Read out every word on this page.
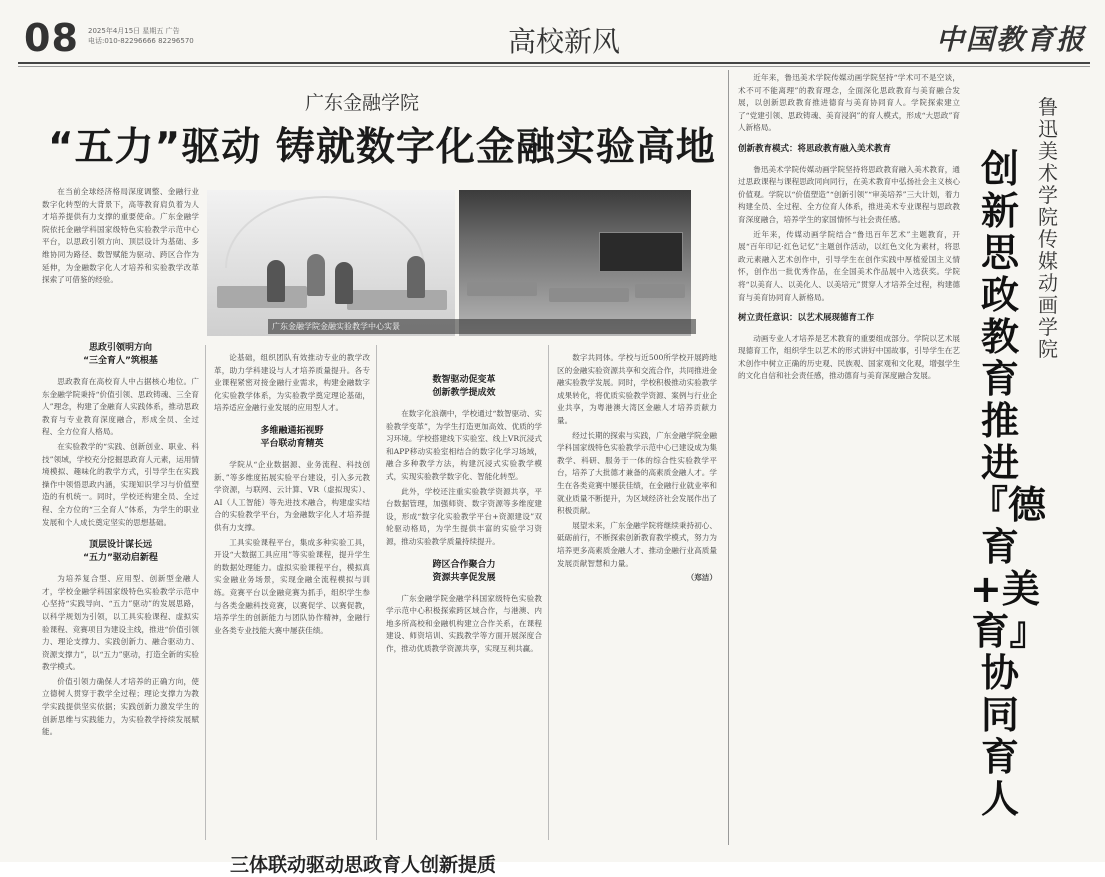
08 2025年4月15日 星期五 广告
电话:010-82296666 82296570	高校新风	中国教育报
广东金融学院
“五力”驱动 铸就数字化金融实验高地
广东金融学院金融实验教学中心实景

在当前全球经济格局深度调整、金融行业数字化转型的大背景下，高等教育肩负着为人才培养提供有力支撑的重要使命。广东金融学院依托金融学科国家级特色实验教学示范中心平台，以思政引领方向、顶层设计为基础、多维协同为路径、数智赋能为驱动、跨区合作为延伸，为金融数字化人才培养和实验教学改革探索了可借鉴的经验。

思政引领明方向
“三全育人”筑根基

思政教育在高校育人中占据核心地位。广东金融学院秉持“价值引领、思政铸魂、三全育人”理念，构建了金融育人实践体系，推动思政教育与专业教育深度融合，形成全员、全过程、全方位育人格局。

在实验教学的“实践、创新创业、职业、科技”领域，学校充分挖掘思政育人元素，运用情境模拟、趣味化的教学方式，引导学生在实践操作中领悟思政内涵，实现知识学习与价值塑造的有机统一。同时，学校还构建全员、全过程、全方位的“三全育人”体系，为学生的职业发展和个人成长奠定坚实的思想基础。

顶层设计谋长远
“五力”驱动启新程

为培养复合型、应用型、创新型金融人才，学校金融学科国家级特色实验教学示范中心坚持“实践导向、“五力”驱动”的发展思路，以科学规划为引领，以工具实验课程、虚拟实验课程、竞赛项目为建设主线，推进“价值引领力、理论支撑力、实践创新力、融合驱动力、资源支撑力”，以“五力”驱动，打造全新的实验教学模式。

价值引领力确保人才培养的正确方向，使立德树人贯穿于教学全过程；理论支撑力为教学实践提供坚实依据；实践创新力激发学生的创新思维与实践能力，为实验教学持续发展赋能。

论基础，组织团队有效推动专业的教学改革，助力学科建设与人才培养质量提升。各专业课程紧密对接金融行业需求，构建金融数字化实验教学体系，为实验教学奠定理论基础，培养适应金融行业发展的应用型人才。

多维融通拓视野
平台联动育精英

学院从“企业数据源、业务流程、科技创新、”等多维度拓展实验平台建设，引入多元教学资源，与联网、云计算、VR（虚拟现实）、AI（人工智能）等先进技术融合，构建虚实结合的实验教学平台，为金融数字化人才培养提供有力支撑。

工具实验课程平台，集成多种实验工具，开设“大数据工具应用”等实验课程，提升学生的数据处理能力。虚拟实验课程平台，模拟真实金融业务场景，实现金融全流程模拟与训练。竞赛平台以金融竞赛为抓手，组织学生参与各类金融科技竞赛，以赛促学、以赛促教，培养学生的创新能力与团队协作精神，金融行业各类专业技能大赛中屡获佳绩。

数智驱动促变革
创新教学提成效

在数字化浪潮中，学校通过“数智驱动、实验教学变革”，为学生打造更加高效、优质的学习环境。学校搭建线下实验室、线上VR沉浸式和APP移动实验室相结合的数字化学习场域，融合多种教学方法，构建沉浸式实验教学模式，实现实验教学数字化、智能化转型。

此外，学校还注重实验教学资源共享，平台数据管理，加强师资、数字资源等多维度建设，形成“数字化实验教学平台+资源建设”双轮驱动格局，为学生提供丰富的实验学习资源，推动实验教学质量持续提升。

跨区合作聚合力
资源共享促发展

广东金融学院金融学科国家级特色实验教学示范中心积极探索跨区域合作，与港澳、内地多所高校和金融机构建立合作关系，在课程建设、师资培训、实践教学等方面开展深度合作，推动优质教学资源共享，实现互利共赢。

数字共同体。学校与近500所学校开展跨地区的金融实验资源共享和交流合作，共同推进金融实验教学发展。同时，学校积极推动实验教学成果转化，将优质实验教学资源、案例与行业企业共享，为粤港澳大湾区金融人才培养贡献力量。

经过长期的探索与实践，广东金融学院金融学科国家级特色实验教学示范中心已建设成为集教学、科研、服务于一体的综合性实验教学平台，培养了大批德才兼备的高素质金融人才。学生在各类竞赛中屡获佳绩，在金融行业就业率和就业质量不断提升，为区域经济社会发展作出了积极贡献。

展望未来，广东金融学院将继续秉持初心、砥砺前行，不断探索创新教育教学模式，努力为培养更多高素质金融人才、推动金融行业高质量发展贡献智慧和力量。

（郑洁）

近年来，鲁迅美术学院传媒动画学院坚持“学术可不是空谈，术不可不能离理”的教育理念，全面深化思政教育与美育融合发展，以创新思政教育推进德育与美育协同育人。学院探索建立了“党建引领、思政铸魂、美育浸润”的育人模式，形成“大思政”育人新格局。

创新教育模式：将思政教育融入美术教育

鲁迅美术学院传媒动画学院坚持将思政教育融入美术教育，通过思政课程与课程思政同向同行，在美术教育中弘扬社会主义核心价值观。学院以“价值塑造”“创新引领”“审美培养”三大计划，着力构建全员、全过程、全方位育人体系，推进美术专业课程与思政教育深度融合，培养学生的家国情怀与社会责任感。

近年来，传媒动画学院结合“鲁迅百年艺术”主题教育，开展“百年印记·红色记忆”主题创作活动，以红色文化为素材，将思政元素融入艺术创作中，引导学生在创作实践中厚植爱国主义情怀，创作出一批优秀作品，在全国美术作品展中入选获奖。学院将“以美育人、以美化人、以美培元”贯穿人才培养全过程，构建德育与美育协同育人新格局。

树立责任意识：以艺术展现德育工作

动画专业人才培养是艺术教育的重要组成部分。学院以艺术展现德育工作，组织学生以艺术的形式讲好中国故事，引导学生在艺术创作中树立正确的历史观、民族观、国家观和文化观，增强学生的文化自信和社会责任感，推动德育与美育深度融合发展。

鲁迅美术学院传媒动画学院
创新思政教育 推进『德育+美育』协同育人
三体联动驱动思政育人创新提质
